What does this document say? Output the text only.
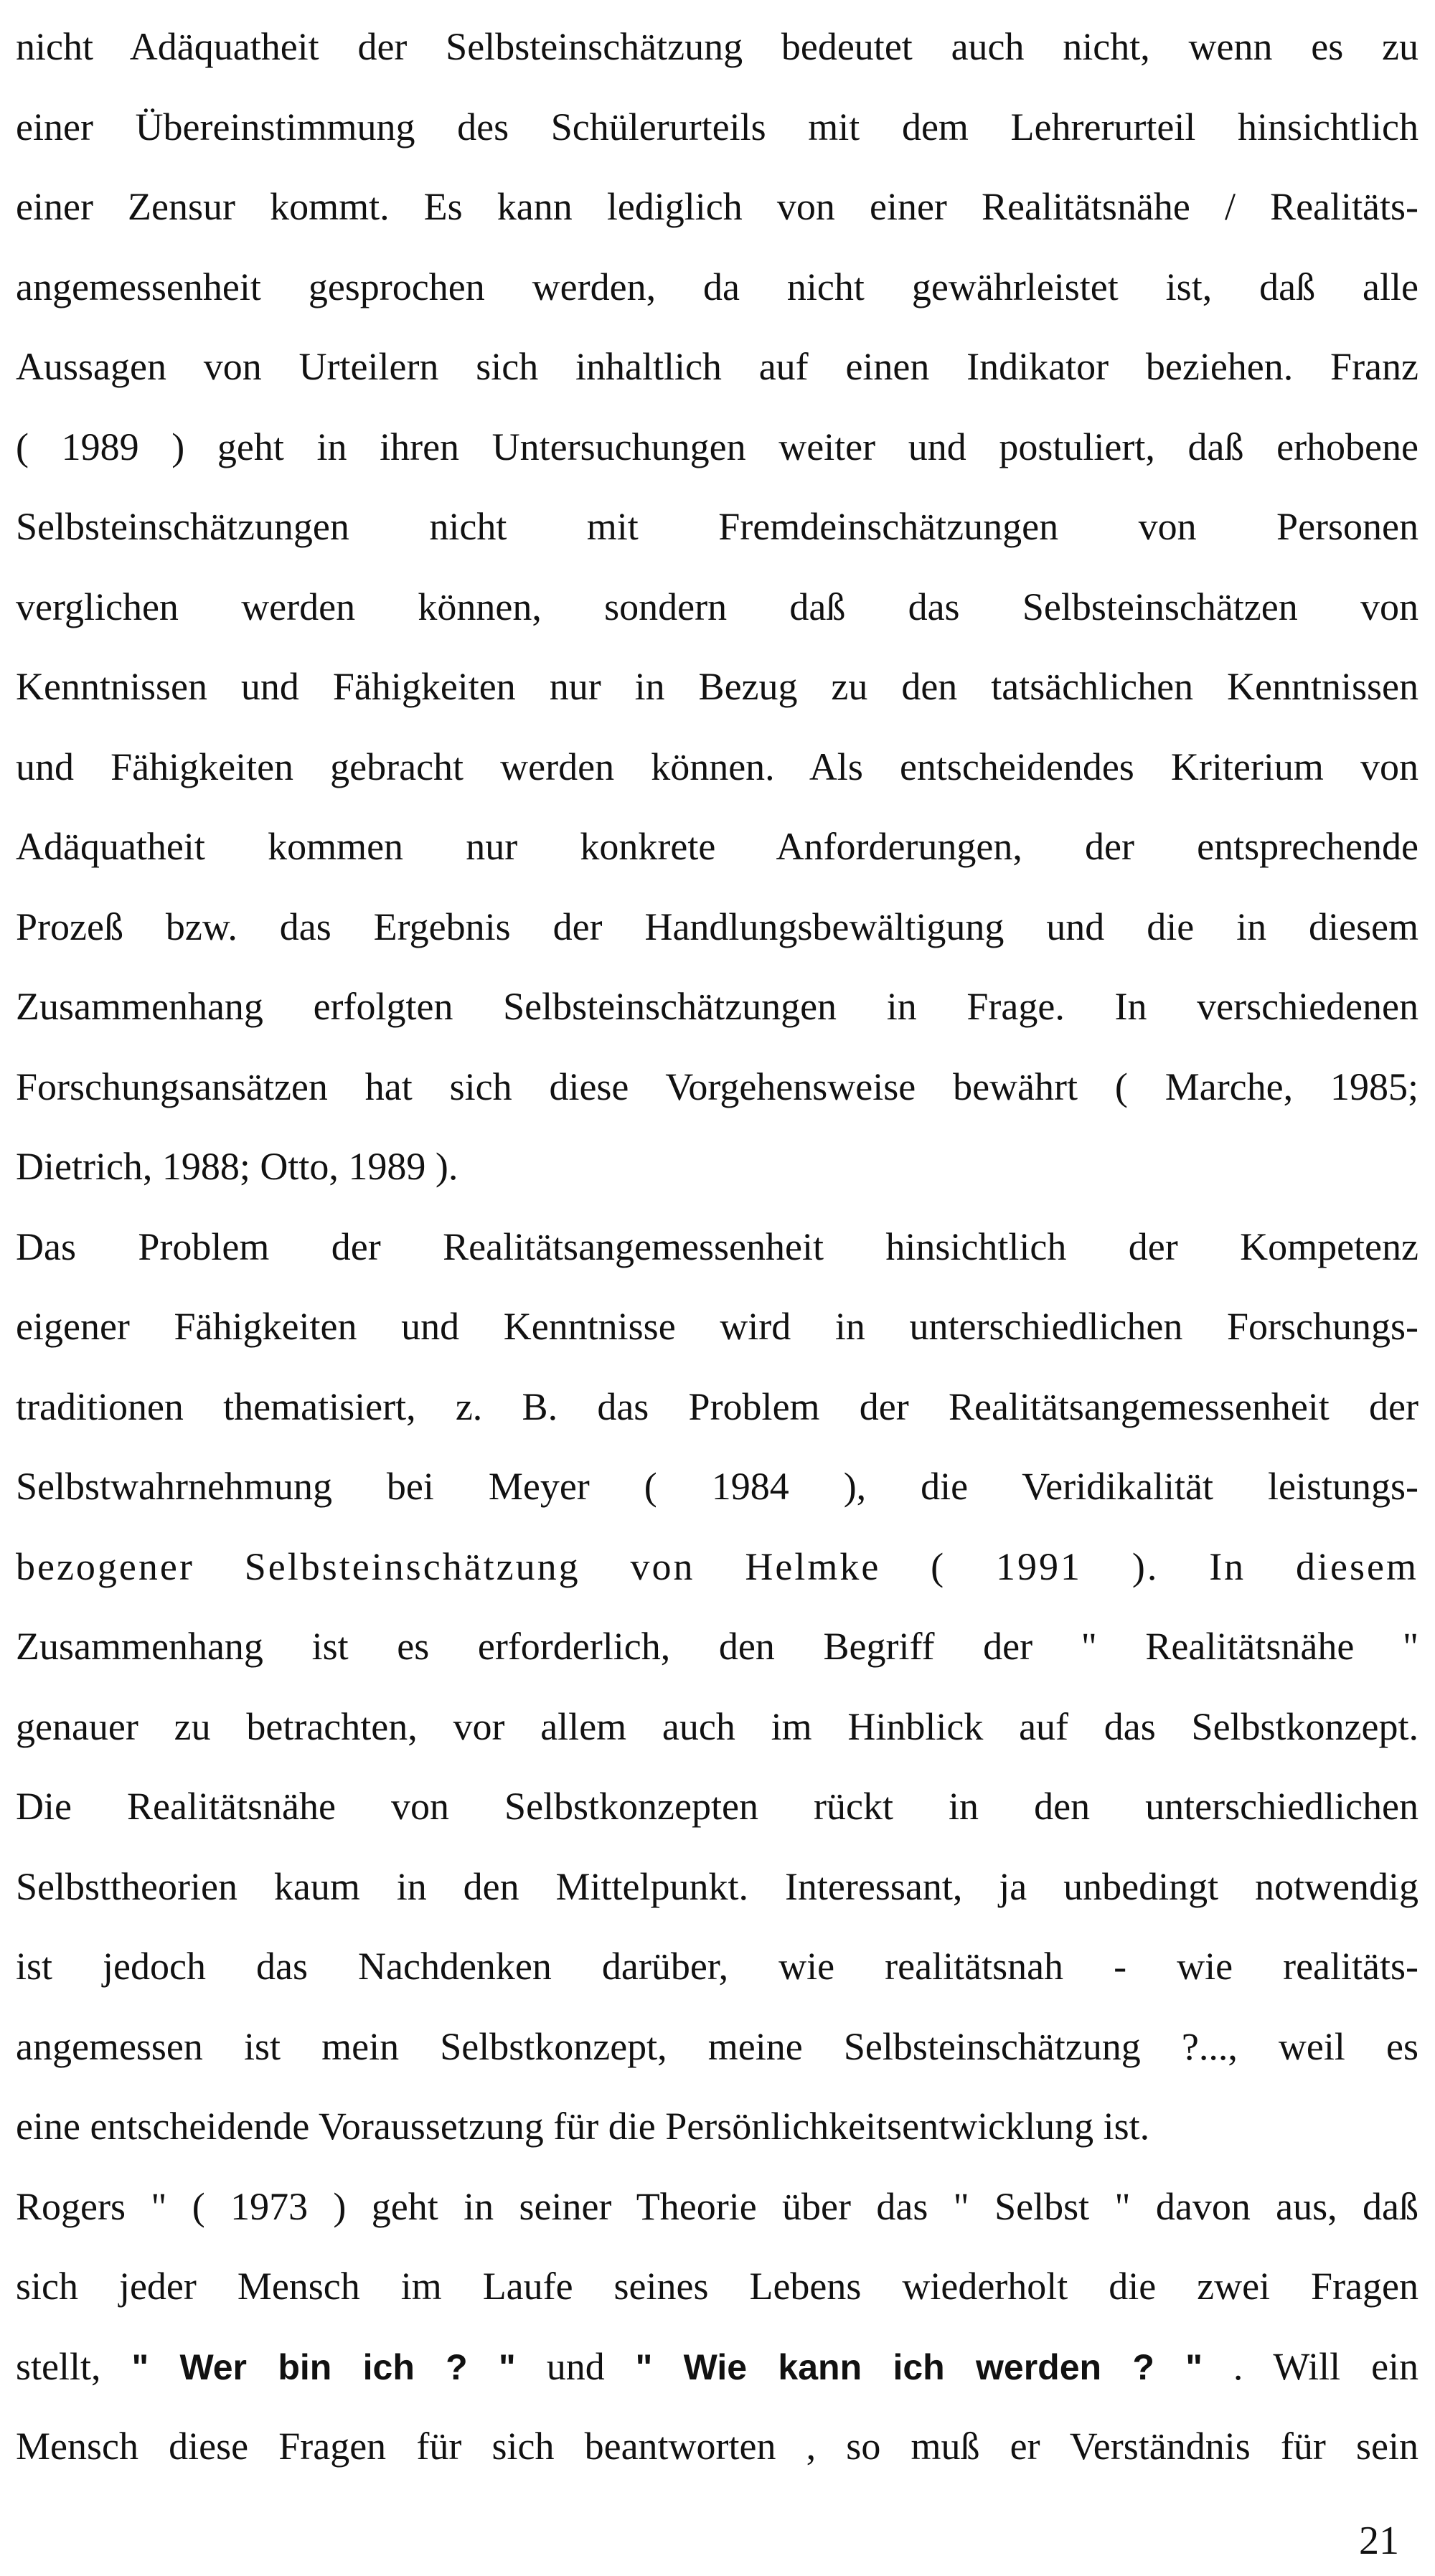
nicht Adäquatheit der Selbsteinschätzung bedeutet auch nicht, wenn es zu
einer Übereinstimmung des Schülerurteils mit dem Lehrerurteil hinsichtlich
einer Zensur kommt. Es kann lediglich von einer Realitätsnähe / Realitäts-
angemessenheit gesprochen werden, da nicht gewährleistet ist, daß alle
Aussagen von Urteilern sich inhaltlich auf einen Indikator beziehen. Franz
( 1989 ) geht in ihren Untersuchungen weiter und postuliert, daß erhobene
Selbsteinschätzungen nicht mit Fremdeinschätzungen von Personen
verglichen werden können, sondern daß das Selbsteinschätzen von
Kenntnissen und Fähigkeiten nur in Bezug zu den tatsächlichen Kenntnissen
und Fähigkeiten gebracht werden können. Als entscheidendes Kriterium von
Adäquatheit kommen nur konkrete Anforderungen, der entsprechende
Prozeß bzw. das Ergebnis der Handlungsbewältigung und die in diesem
Zusammenhang erfolgten Selbsteinschätzungen in Frage. In verschiedenen
Forschungsansätzen hat sich diese Vorgehensweise bewährt ( Marche, 1985;
Dietrich, 1988; Otto, 1989 ).
Das Problem der Realitätsangemessenheit hinsichtlich der Kompetenz
eigener Fähigkeiten und Kenntnisse wird in unterschiedlichen Forschungs-
traditionen thematisiert, z. B. das Problem der Realitätsangemessenheit der
Selbstwahrnehmung bei Meyer ( 1984 ), die Veridikalität leistungs-
bezogener Selbsteinschätzung von Helmke ( 1991 ). In diesem
Zusammenhang ist es erforderlich, den Begriff der " Realitätsnähe "
genauer zu betrachten, vor allem auch im Hinblick auf das Selbstkonzept.
Die Realitätsnähe von Selbstkonzepten rückt in den unterschiedlichen
Selbsttheorien kaum in den Mittelpunkt. Interessant, ja unbedingt notwendig
ist jedoch das Nachdenken darüber, wie realitätsnah - wie realitäts-
angemessen ist mein Selbstkonzept, meine Selbsteinschätzung ?..., weil es
eine entscheidende Voraussetzung für die Persönlichkeitsentwicklung ist.
Rogers " ( 1973 ) geht in seiner Theorie über das " Selbst " davon aus, daß
sich jeder Mensch im Laufe seines Lebens wiederholt die zwei Fragen
stellt, " Wer bin ich ? " und " Wie kann ich werden ? " . Will ein
Mensch diese Fragen für sich beantworten , so muß er Verständnis für sein
21
